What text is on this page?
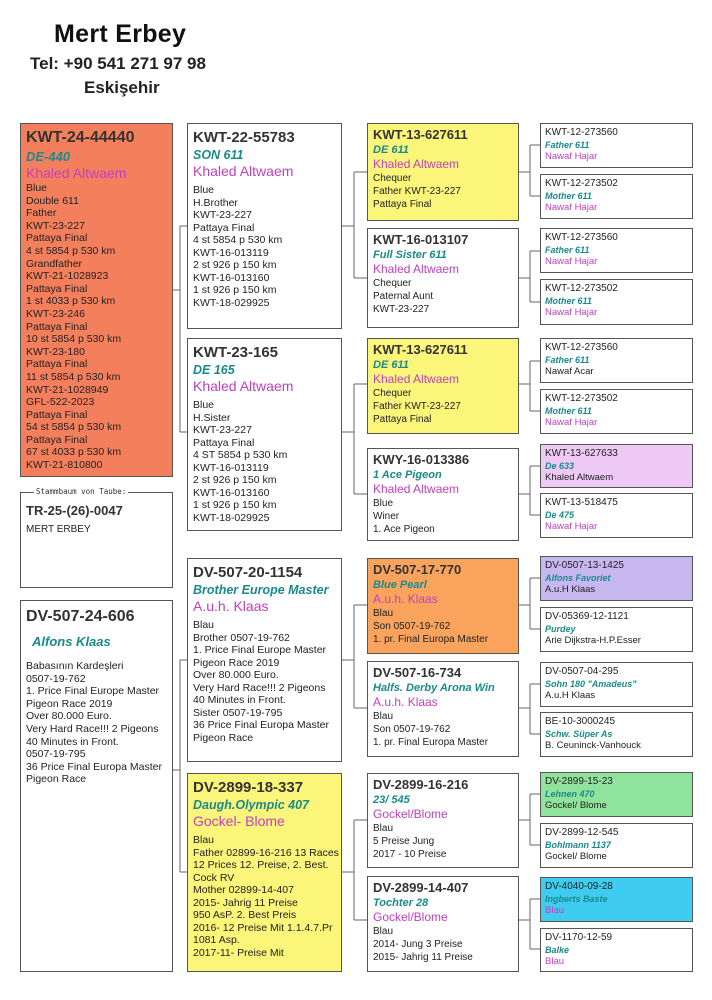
Mert Erbey
Tel: +90 541 271 97 98
Eskişehir
KWT-24-44440
DE-440
Khaled Altwaem
Blue
Double 611
Father
KWT-23-227
Pattaya Final
4 st 5854 p 530 km
Grandfather
KWT-21-1028923
Pattaya Final
1 st 4033 p 530 km
KWT-23-246
Pattaya Final
10 st 5854 p 530 km
KWT-23-180
Pattaya Final
11 st 5854 p 530 km
KWT-21-1028949
GFL-522-2023
Pattaya Final
54 st 5854 p 530 km
Pattaya Final
67 st 4033 p 530 km
KWT-21-810800
TR-25-(26)-0047
MERT ERBEY
Stammbaum von Taube:
DV-507-24-606
Alfons Klaas
Babasının Kardeşleri
0507-19-762
1. Price Final Europe Master
Pigeon Race 2019
Over 80.000 Euro.
Very Hard Race!!! 2 Pigeons
40 Minutes in Front.
0507-19-795
36 Price Final Europa Master
Pigeon Race
KWT-22-55783
SON 611
Khaled Altwaem
Blue
H.Brother
KWT-23-227
Pattaya Final
4 st 5854 p 530 km
KWT-16-013119
2 st 926 p 150 km
KWT-16-013160
1 st 926 p 150 km
KWT-18-029925
KWT-23-165
DE 165
Khaled Altwaem
Blue
H.Sister
KWT-23-227
Pattaya Final
4 ST 5854 p 530 km
KWT-16-013119
2 st 926 p 150 km
KWT-16-013160
1 st 926 p 150 km
KWT-18-029925
DV-507-20-1154
Brother Europe Master
A.u.h. Klaas
Blau
Brother 0507-19-762
1. Price Final Europe Master
Pigeon Race 2019
Over 80.000 Euro.
Very Hard Race!!! 2 Pigeons
40 Minutes in Front.
Sister 0507-19-795
36 Price Final Europa Master
Pigeon Race
DV-2899-18-337
Daugh.Olympic 407
Gockel- Blome
Blau
Father 02899-16-216 13 Races
12 Prices 12. Preise, 2. Best.
Cock RV
Mother 02899-14-407
2015- Jahrig 11 Preise
950 AsP. 2. Best Preis
2016- 12 Preise Mit 1.1.4.7.Pr
1081 Asp.
2017-11- Preise Mit
KWT-13-627611
DE 611
Khaled Altwaem
Chequer
Father KWT-23-227
Pattaya Final
KWT-16-013107
Full Sister 611
Khaled Altwaem
Chequer
Paternal Aunt
KWT-23-227
KWT-13-627611
DE 611
Khaled Altwaem
Chequer
Father KWT-23-227
Pattaya Final
KWY-16-013386
1 Ace Pigeon
Khaled Altwaem
Blue
Winer
1. Ace Pigeon
DV-507-17-770
Blue Pearl
A.u.h. Klaas
Blau
Son 0507-19-762
1. pr. Final Europa Master
DV-507-16-734
Halfs. Derby Arona Win
A.u.h. Klaas
Blau
Son 0507-19-762
1. pr. Final Europa Master
DV-2899-16-216
23/ 545
Gockel/Blome
Blau
5 Preise Jung
2017 - 10 Preise
DV-2899-14-407
Tochter 28
Gockel/Blome
Blau
2014- Jung 3 Preise
2015- Jahrig 11 Preise
KWT-12-273560
Father 611
Nawaf Hajar
KWT-12-273502
Mother 611
Nawaf Hajar
KWT-12-273560
Father 611
Nawaf Hajar
KWT-12-273502
Mother 611
Nawaf Hajar
KWT-12-273560
Father 611
Nawaf Acar
KWT-12-273502
Mother 611
Nawaf Hajar
KWT-13-627633
De 633
Khaled Altwaem
KWT-13-518475
De 475
Nawaf Hajar
DV-0507-13-1425
Alfons Favoriet
A.u.H Klaas
DV-05369-12-1121
Purdey
Arie Dijkstra-H.P.Esser
DV-0507-04-295
Sohn 180 "Amadeus"
A.u.H Klaas
BE-10-3000245
Schw. Süper As
B. Ceuninck-Vanhouck
DV-2899-15-23
Lehnen 470
Gockel/ Blome
DV-2899-12-545
Bohlmann 1137
Gockel/ Blome
DV-4040-09-28
Ingberts Baste
Blau
DV-1170-12-59
Balke
Blau
